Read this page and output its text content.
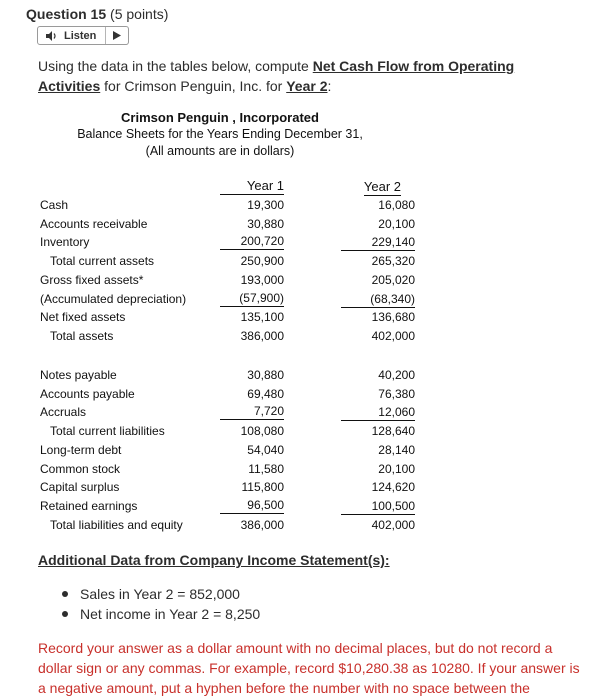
Question 15 (5 points)
Listen
Using the data in the tables below, compute Net Cash Flow from Operating Activities for Crimson Penguin, Inc. for Year 2:
Crimson Penguin , Incorporated
Balance Sheets for the Years Ending December 31,
(All amounts are in dollars)
Year 1	Year 2
Cash	19,300	16,080
Accounts receivable	30,880	20,100
Inventory	200,720	229,140
Total current assets	250,900	265,320
Gross fixed assets*	193,000	205,020
(Accumulated depreciation)	(57,900)	(68,340)
Net fixed assets	135,100	136,680
Total assets	386,000	402,000
Notes payable	30,880	40,200
Accounts payable	69,480	76,380
Accruals	7,720	12,060
Total current liabilities	108,080	128,640
Long-term debt	54,040	28,140
Common stock	11,580	20,100
Capital surplus	115,800	124,620
Retained earnings	96,500	100,500
Total liabilities and equity	386,000	402,000
Additional Data from Company Income Statement(s):
Sales in Year 2 = 852,000
Net income in Year 2 = 8,250
Record your answer as a dollar amount with no decimal places, but do not record a dollar sign or any commas. For example, record $10,280.38 as 10280. If your answer is a negative amount, put a hyphen before the number with no space between the
